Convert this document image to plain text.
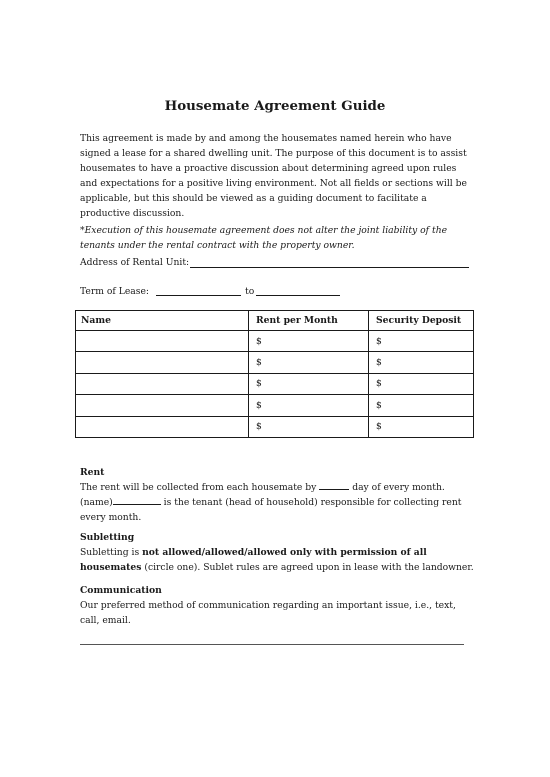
Housemate Agreement Guide
This agreement is made by and among the housemates named herein who have signed a lease for a shared dwelling unit. The purpose of this document is to assist housemates to have a proactive discussion about determining agreed upon rules and expectations for a positive living environment. Not all fields or sections will be applicable, but this should be viewed as a guiding document to facilitate a productive discussion.
*Execution of this housemate agreement does not alter the joint liability of the tenants under the rental contract with the property owner.
Address of Rental Unit:
Term of Lease:	to
Name	Rent per Month	Security Deposit
	$	$
	$	$
	$	$
	$	$
	$	$
Rent
The rent will be collected from each housemate by	day of every month.
(name)	is the tenant (head of household) responsible for collecting rent every month.
Subletting
Subletting is not allowed/allowed/allowed only with permission of all housemates (circle one). Sublet rules are agreed upon in lease with the landowner.
Communication
Our preferred method of communication regarding an important issue, i.e., text, call, email.
